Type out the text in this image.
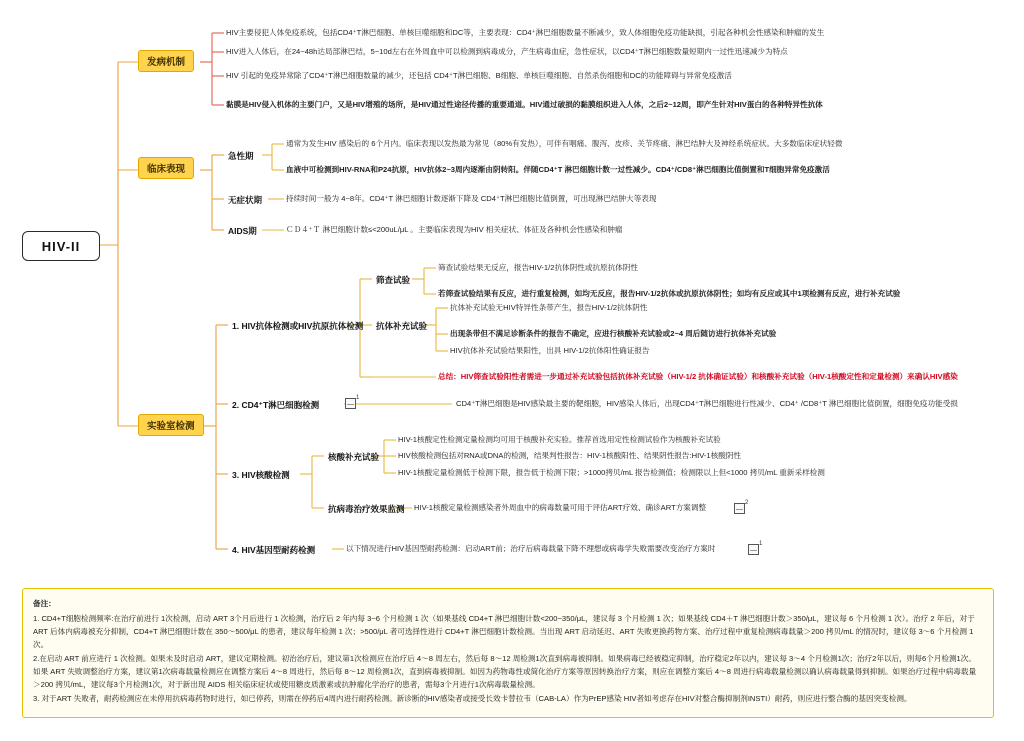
HIV-II
发病机制
HIV主要侵犯人体免疫系统，包括CD4⁺T淋巴细胞、单核巨噬细胞和DC等，主要表现：CD4⁺淋巴细胞数量不断减少，致人体细胞免疫功能缺损，引起各种机会性感染和肿瘤的发生
HIV进入人体后，在24~48h达局部淋巴结，5~10d左右在外周血中可以检测到病毒成分，产生病毒血症，急性症状，以CD4⁺T淋巴细胞数量短期内一过性迅速减少为特点
HIV 引起的免疫异常除了CD4⁺T淋巴细胞数量的减少，还包括 CD4⁺T淋巴细胞、B细胞、单核巨噬细胞、自然杀伤细胞和DC的功能障碍与异常免疫激活
黏膜是HIV侵入机体的主要门户，又是HIV增殖的场所，是HIV通过性途径传播的重要通道。HIV通过破损的黏膜组织进入人体，之后2~12周，即产生针对HIV蛋白的各种特异性抗体
临床表现
急性期
通常为发生HIV 感染后的 6个月内。临床表现以发热最为常见（80%有发热），可伴有咽痛、腹泻、皮疹、关节疼痛、淋巴结肿大及神经系统症状。大多数临床症状轻微
血液中可检测到HIV-RNA和P24抗原，HIV抗体2~3周内逐渐由阴转阳。伴随CD4⁺T 淋巴细胞计数一过性减少。CD4⁺/CD8⁺淋巴细胞比值倒置和T细胞异常免疫激活
无症状期	持续时间一般为 4~8年。CD4⁺T 淋巴细胞计数逐渐下降及 CD4⁺T淋巴细胞比值倒置，可出现淋巴结肿大等表现
AIDS期	ＣＤ４⁺Ｔ 淋巴细胞计数≤<200uL/μL 。主要临床表现为HIV 相关症状、体征及各种机会性感染和肿瘤
实验室检测
1. HIV抗体检测或HIV抗原抗体检测
筛查试验
筛查试验结果无反应，报告HIV-1/2抗体阴性或抗原抗体阴性
若筛查试验结果有反应，进行重复检测，如均无反应，报告HIV-1/2抗体或抗原抗体阴性；如均有反应或其中1项检测有反应，进行补充试验
抗体补充试验
抗体补充试验无HIV特异性条带产生，报告HIV-1/2抗体阴性
出现条带但不满足诊断条件的报告不确定，应进行核酸补充试验或2~4 周后随访进行抗体补充试验
HIV抗体补充试验结果阳性，出具 HIV-1/2抗体阳性确证报告
总结：HIV筛查试验阳性者需进一步通过补充试验包括抗体补充试验（HIV-1/2 抗体确证试验）和核酸补充试验（HIV-1核酸定性和定量检测）来确认HIV感染
2. CD4⁺T淋巴细胞检测
1
CD4⁺T淋巴细胞是HIV感染最主要的靶细胞，HIV感染人体后，出现CD4⁺T淋巴细胞进行性减少、CD4⁺ /CD8⁺T 淋巴细胞比值倒置，细胞免疫功能受损
3. HIV核酸检测
核酸补充试验
HIV-1核酸定性检测定量检测均可用于核酸补充实验。推荐首选用定性检测试验作为核酸补充试验
HIV核酸检测包括对RNA或DNA的检测，结果判性报告：HIV-1核酸阳性、结果阴性报告:HIV-1核酸阴性
HIV-1核酸定量检测低于检测下限，报告低于检测下限；>1000拷贝/mL 报告检测值；检测限以上但<1000 拷贝/mL 重新采样检测
抗病毒治疗效果监测 HIV-1核酸定量检测感染者外周血中的病毒数量可用于评估ART疗效、确诊ART方案调整	2
4. HIV基因型耐药检测	以下情况进行HIV基因型耐药检测：启动ART前；治疗后病毒载量下降不理想或病毒学失败需要改变治疗方案时	1
备注：

1. CD4+T细胞检测频率:在治疗前进行 1次检测，启动 ART 3个月后进行 1 次检测，治疗后 2 年内每 3~6 个月检测 1 次（如果基线 CD4+T 淋巴细胞计数<200~350/μL，建议每 3 个月检测 1 次；如果基线 CD4＋T 淋巴细胞计数＞350/μL，建议每 6 个月检测 1 次）。治疗 2 年后，对于 ART 后体内病毒被充分抑制，CD4+T 淋巴细胞计数在 350～500/μL 的患者，建议每年检测 1 次；>500/μL 者可选择性进行 CD4+T 淋巴细胞计数检测。当出现 ART 启动延迟、ART 失败更换药物方案、治疗过程中重复检测病毒载量＞200 拷贝/mL 的情况时，建议每 3～6 个月检测 1 次。

2.在启动 ART 前应进行 1 次检测。如果未及时启动 ART，建议定期检测。初治治疗后，建议第1次检测应在治疗后 4～8 周左右，然后每 8～12 周检测1次直到病毒被抑制。如果病毒已经被稳定抑制，治疗稳定2年以内，建议每 3～4 个月检测1次；治疗2年以后，则每6个月检测1次。如果 ART 失败调整治疗方案，建议第1次病毒载量检测应在调整方案后 4～8 周进行，然后每 8～12 周检测1次，直到病毒被抑制。如因为药物毒性或简化治疗方案等原因转换治疗方案，则应在调整方案后 4～8 周进行病毒载量检测以确认病毒载量得到抑制。如果治疗过程中病毒载量＞200 拷贝/mL，建议每3个月检测1次，对于新出现 AIDS 相关临床症状或使用糖皮质激素或抗肿瘤化学治疗的患者，需每3个月进行1次病毒载量检测。

3. 对于ART 失败者，耐药检测应在未停用抗病毒药物时进行，如已停药，则需在停药后4周内进行耐药检测。新诊断的HIV感染者或接受长效卡替拉韦（CAB-LA）作为PrEP感染 HIV者如考虑存在HIV对整合酶抑制剂INSTI）耐药，则应进行整合酶的基因突变检测。
